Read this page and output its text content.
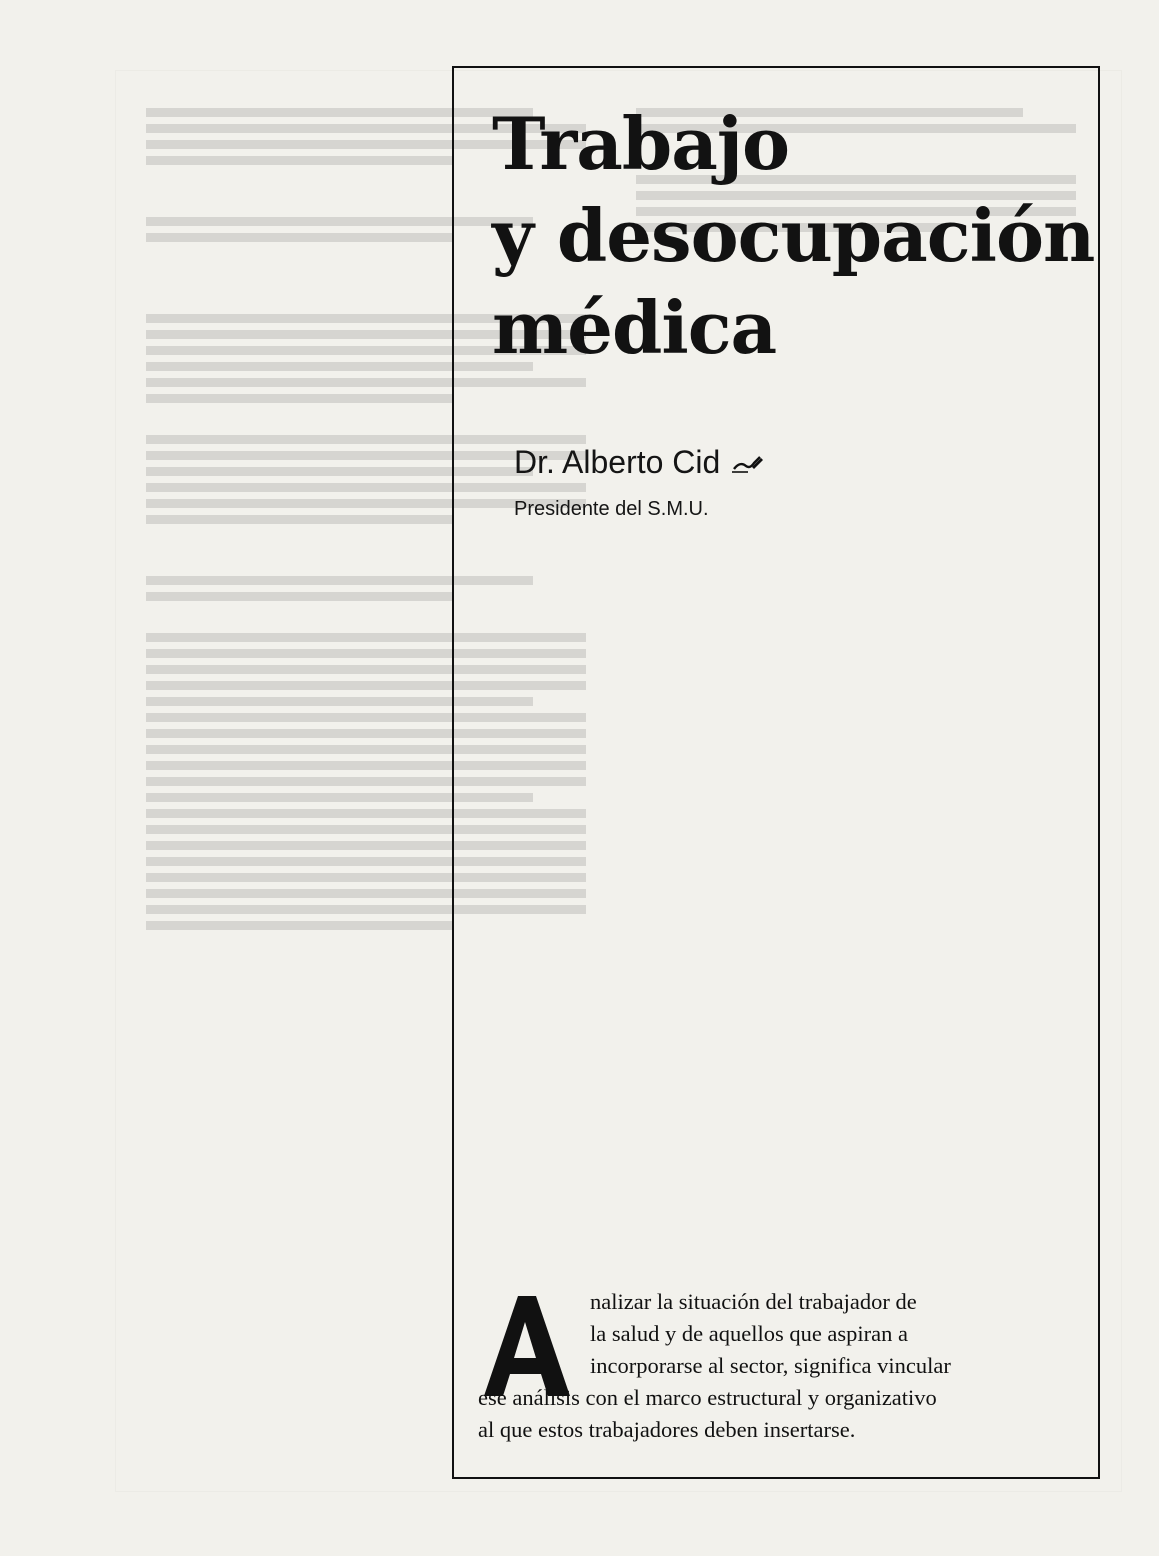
Trabajo
y desocupación
médica
Dr. Alberto Cid
Presidente del S.M.U.
nalizar la situación del trabajador de
la salud y de aquellos que aspiran a
incorporarse al sector, significa vincular
ese análisis con el marco estructural y organizativo
al que estos trabajadores deben insertarse.
